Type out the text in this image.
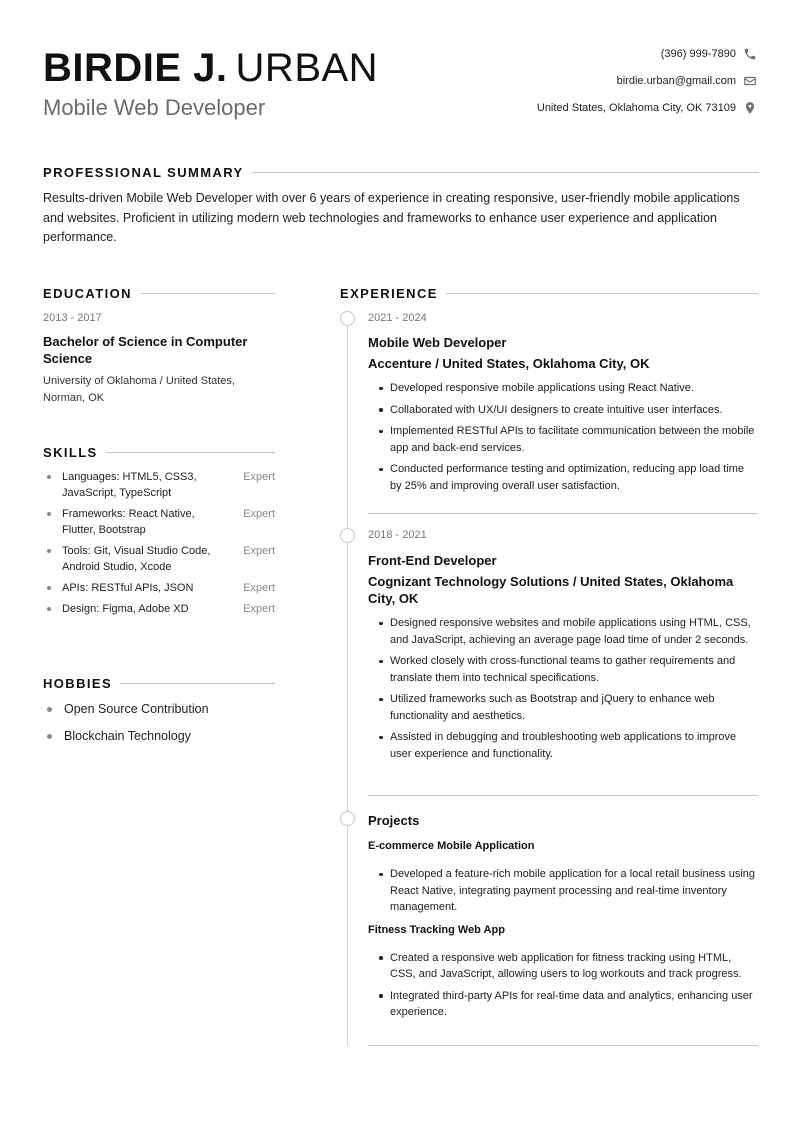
BIRDIE J. URBAN
Mobile Web Developer
(396) 999-7890
birdie.urban@gmail.com
United States, Oklahoma City, OK 73109
PROFESSIONAL SUMMARY
Results-driven Mobile Web Developer with over 6 years of experience in creating responsive, user-friendly mobile applications and websites. Proficient in utilizing modern web technologies and frameworks to enhance user experience and application performance.
EDUCATION
2013 - 2017
Bachelor of Science in Computer Science
University of Oklahoma / United States, Norman, OK
SKILLS
Languages: HTML5, CSS3, JavaScript, TypeScript
Expert
Frameworks: React Native, Flutter, Bootstrap
Expert
Tools: Git, Visual Studio Code, Android Studio, Xcode
Expert
APIs: RESTful APIs, JSON	Expert
Design: Figma, Adobe XD	Expert
HOBBIES
Open Source Contribution
Blockchain Technology
EXPERIENCE
2021 - 2024
Mobile Web Developer
Accenture / United States, Oklahoma City, OK
Developed responsive mobile applications using React Native.
Collaborated with UX/UI designers to create intuitive user interfaces.
Implemented RESTful APIs to facilitate communication between the mobile app and back-end services.
Conducted performance testing and optimization, reducing app load time by 25% and improving overall user satisfaction.
2018 - 2021
Front-End Developer
Cognizant Technology Solutions / United States, Oklahoma City, OK
Designed responsive websites and mobile applications using HTML, CSS, and JavaScript, achieving an average page load time of under 2 seconds.
Worked closely with cross-functional teams to gather requirements and translate them into technical specifications.
Utilized frameworks such as Bootstrap and jQuery to enhance web functionality and aesthetics.
Assisted in debugging and troubleshooting web applications to improve user experience and functionality.
Projects
E-commerce Mobile Application
Developed a feature-rich mobile application for a local retail business using React Native, integrating payment processing and real-time inventory management.
Fitness Tracking Web App
Created a responsive web application for fitness tracking using HTML, CSS, and JavaScript, allowing users to log workouts and track progress.
Integrated third-party APIs for real-time data and analytics, enhancing user experience.
